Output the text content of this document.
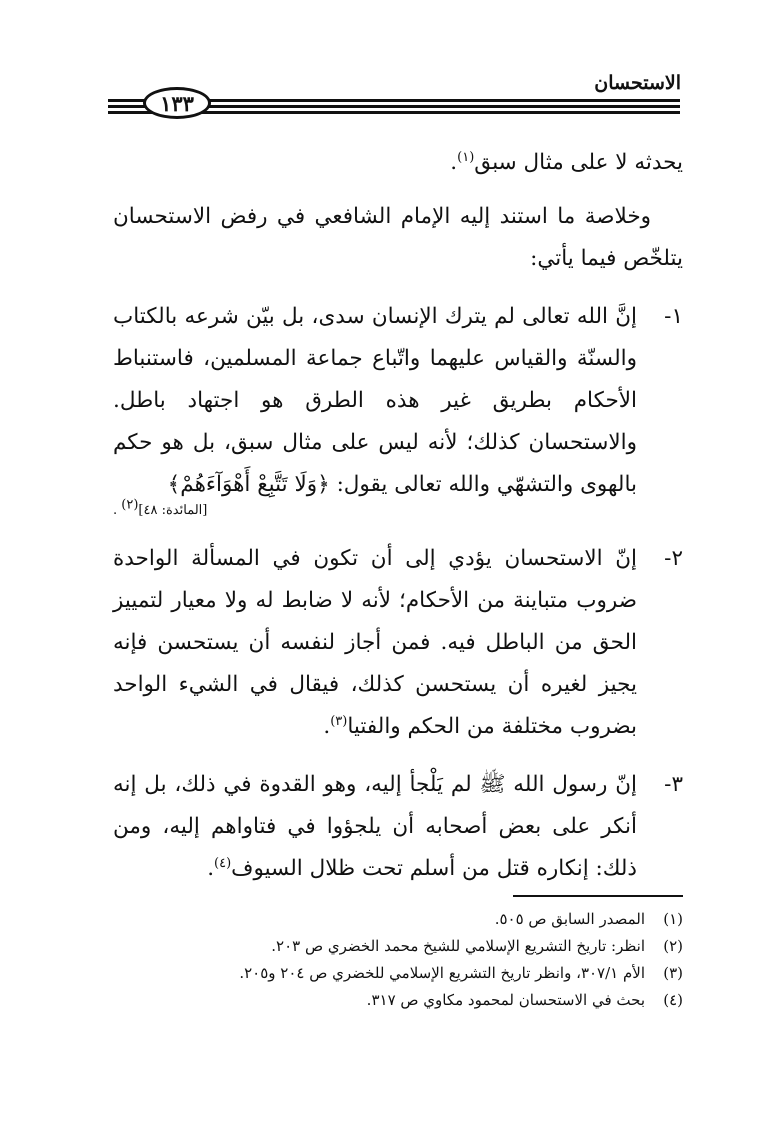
الاستحسان
١٣٣

يحدثه لا على مثال سبق$^{(١)}$.

وخلاصة ما استند إليه الإمام الشافعي في رفض الاستحسان يتلخّص فيما يأتي:

١-
إنَّ الله تعالى لم يترك الإنسان سدى، بل بيّن شرعه بالكتاب والسنّة والقياس عليهما واتّباع جماعة المسلمين، فاستنباط الأحكام بطريق غير هذه الطرق هو اجتهاد باطل. والاستحسان كذلك؛ لأنه ليس على مثال سبق، بل هو حكم بالهوى والتشهّي والله تعالى يقول: ﴿وَلَا تَتَّبِعْ أَهْوَآءَهُمْ﴾
[المائدة: ٤٨]$^{(٢)}$ .
٢-
إنّ الاستحسان يؤدي إلى أن تكون في المسألة الواحدة ضروب متباينة من الأحكام؛ لأنه لا ضابط له ولا معيار لتمييز الحق من الباطل فيه. فمن أجاز لنفسه أن يستحسن فإنه يجيز لغيره أن يستحسن كذلك، فيقال في الشيء الواحد بضروب مختلفة من الحكم والفتيا$^{(٣)}$.
٣-
إنّ رسول الله ﷺ لم يَلْجأ إليه، وهو القدوة في ذلك، بل إنه أنكر على بعض أصحابه أن يلجؤوا في فتاواهم إليه، ومن ذلك: إنكاره قتل من أسلم تحت ظلال السيوف$^{(٤)}$.
(١)
المصدر السابق ص ٥٠٥.
(٢)
انظر: تاريخ التشريع الإسلامي للشيخ محمد الخضري ص ٢٠٣.
(٣)
الأم ٣٠٧/١، وانظر تاريخ التشريع الإسلامي للخضري ص ٢٠٤ و٢٠٥.
(٤)
بحث في الاستحسان لمحمود مكاوي ص ٣١٧.
